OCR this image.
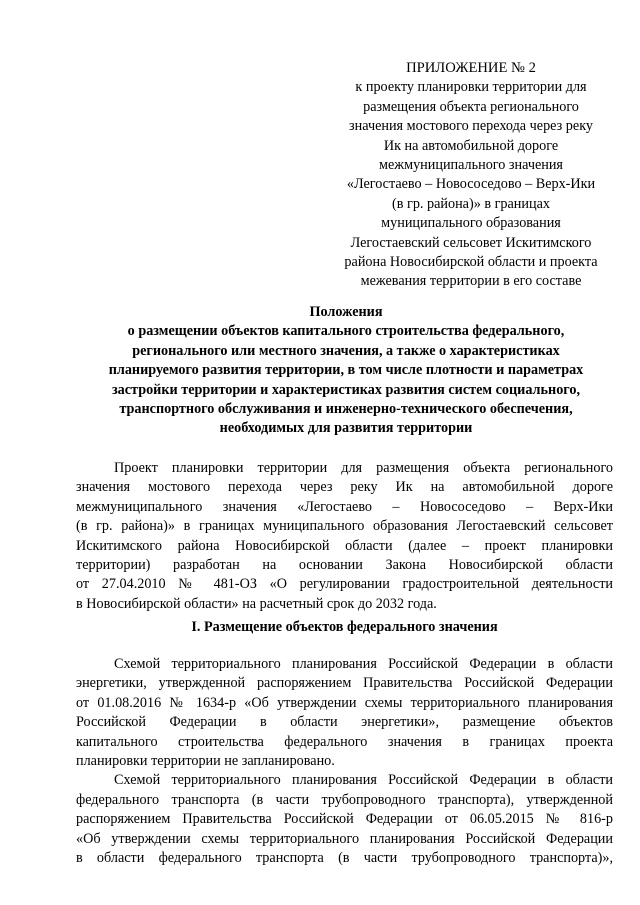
ПРИЛОЖЕНИЕ № 2
к проекту планировки территории для
размещения объекта регионального
значения мостового перехода через реку
Ик на автомобильной дороге
межмуниципального значения
«Легостаево – Новососедово – Верх-Ики
(в гр. района)» в границах
муниципального образования
Легостаевский сельсовет Искитимского
района Новосибирской области и проекта
межевания территории в его составе
Положения
о размещении объектов капитального строительства федерального,
регионального или местного значения, а также о характеристиках
планируемого развития территории, в том числе плотности и параметрах
застройки территории и характеристиках развития систем социального,
транспортного обслуживания и инженерно-технического обеспечения,
необходимых для развития территории
Проект планировки территории для размещения объекта регионального
значения мостового перехода через реку Ик на автомобильной дороге
межмуниципального значения «Легостаево – Новососедово – Верх-Ики
(в гр. района)» в границах муниципального образования Легостаевский сельсовет
Искитимского района Новосибирской области (далее – проект планировки
территории) разработан на основании Закона Новосибирской области
от 27.04.2010 № 481-ОЗ «О регулировании градостроительной деятельности
в Новосибирской области» на расчетный срок до 2032 года.
I. Размещение объектов федерального значения
Схемой территориального планирования Российской Федерации в области
энергетики, утвержденной распоряжением Правительства Российской Федерации
от 01.08.2016 № 1634-р «Об утверждении схемы территориального планирования
Российской Федерации в области энергетики», размещение объектов
капитального строительства федерального значения в границах проекта
планировки территории не запланировано.
Схемой территориального планирования Российской Федерации в области
федерального транспорта (в части трубопроводного транспорта), утвержденной
распоряжением Правительства Российской Федерации от 06.05.2015 № 816-р
«Об утверждении схемы территориального планирования Российской Федерации
в области федерального транспорта (в части трубопроводного транспорта)»,
